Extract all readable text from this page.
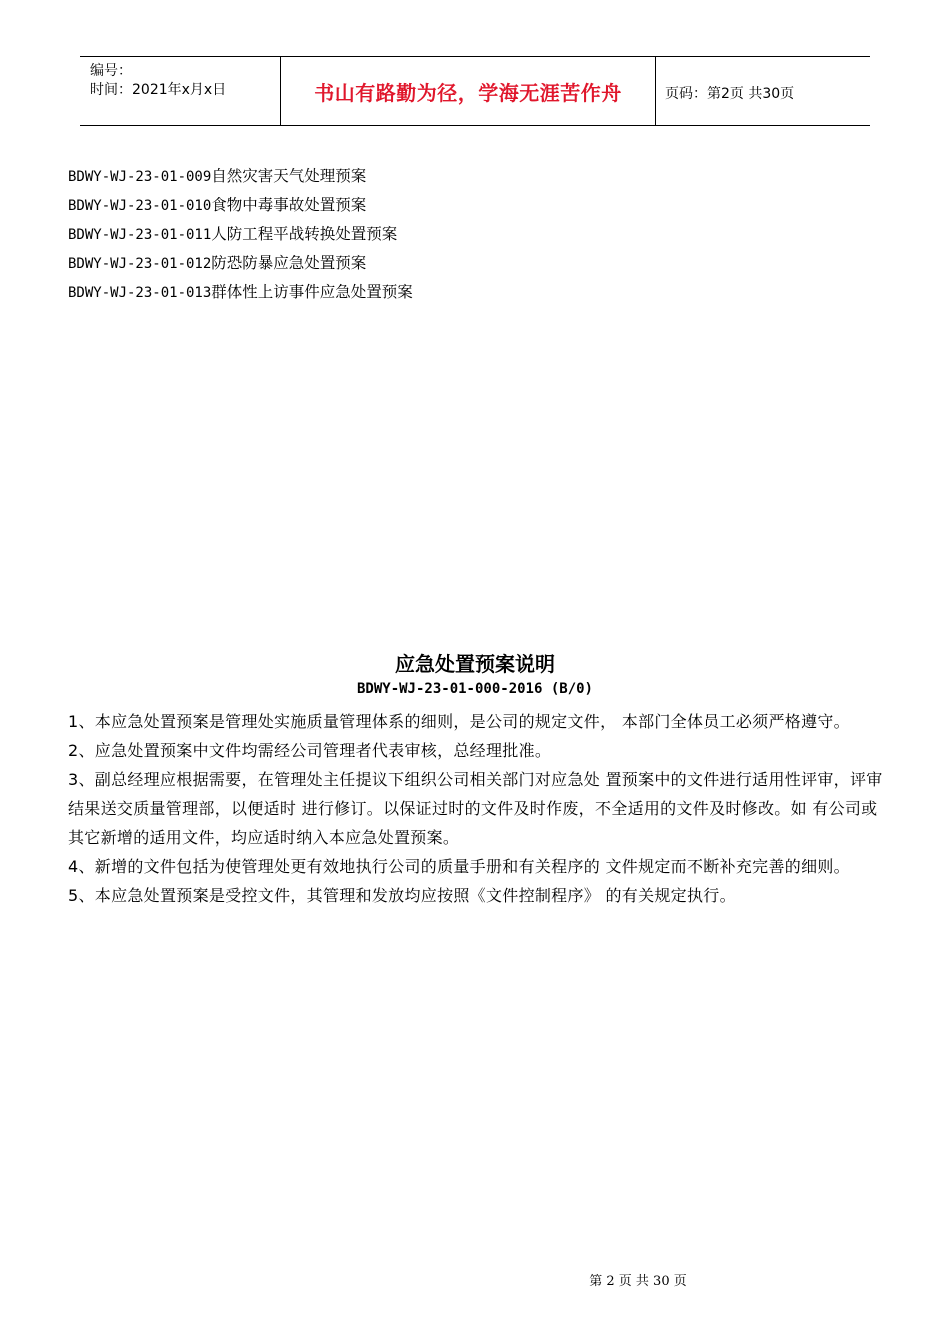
编号：
时间：2021年x月x日	书山有路勤为径，学海无涯苦作舟	页码：第2页 共30页
BDWY-WJ-23-01-009自然灾害天气处理预案
BDWY-WJ-23-01-010食物中毒事故处置预案
BDWY-WJ-23-01-011人防工程平战转换处置预案
BDWY-WJ-23-01-012防恐防暴应急处置预案
BDWY-WJ-23-01-013群体性上访事件应急处置预案
应急处置预案说明
BDWY-WJ-23-01-000-2016 (B/0)

1、本应急处置预案是管理处实施质量管理体系的细则，是公司的规定文件， 本部门全体员工必须严格遵守。

2、应急处置预案中文件均需经公司管理者代表审核，总经理批准。

3、副总经理应根据需要，在管理处主任提议下组织公司相关部门对应急处 置预案中的文件进行适用性评审，评审结果送交质量管理部，以便适时 进行修订。以保证过时的文件及时作废，不全适用的文件及时修改。如 有公司或其它新增的适用文件，均应适时纳入本应急处置预案。

4、新增的文件包括为使管理处更有效地执行公司的质量手册和有关程序的 文件规定而不断补充完善的细则。

5、本应急处置预案是受控文件，其管理和发放均应按照《文件控制程序》 的有关规定执行。

第 2 页 共 30 页
